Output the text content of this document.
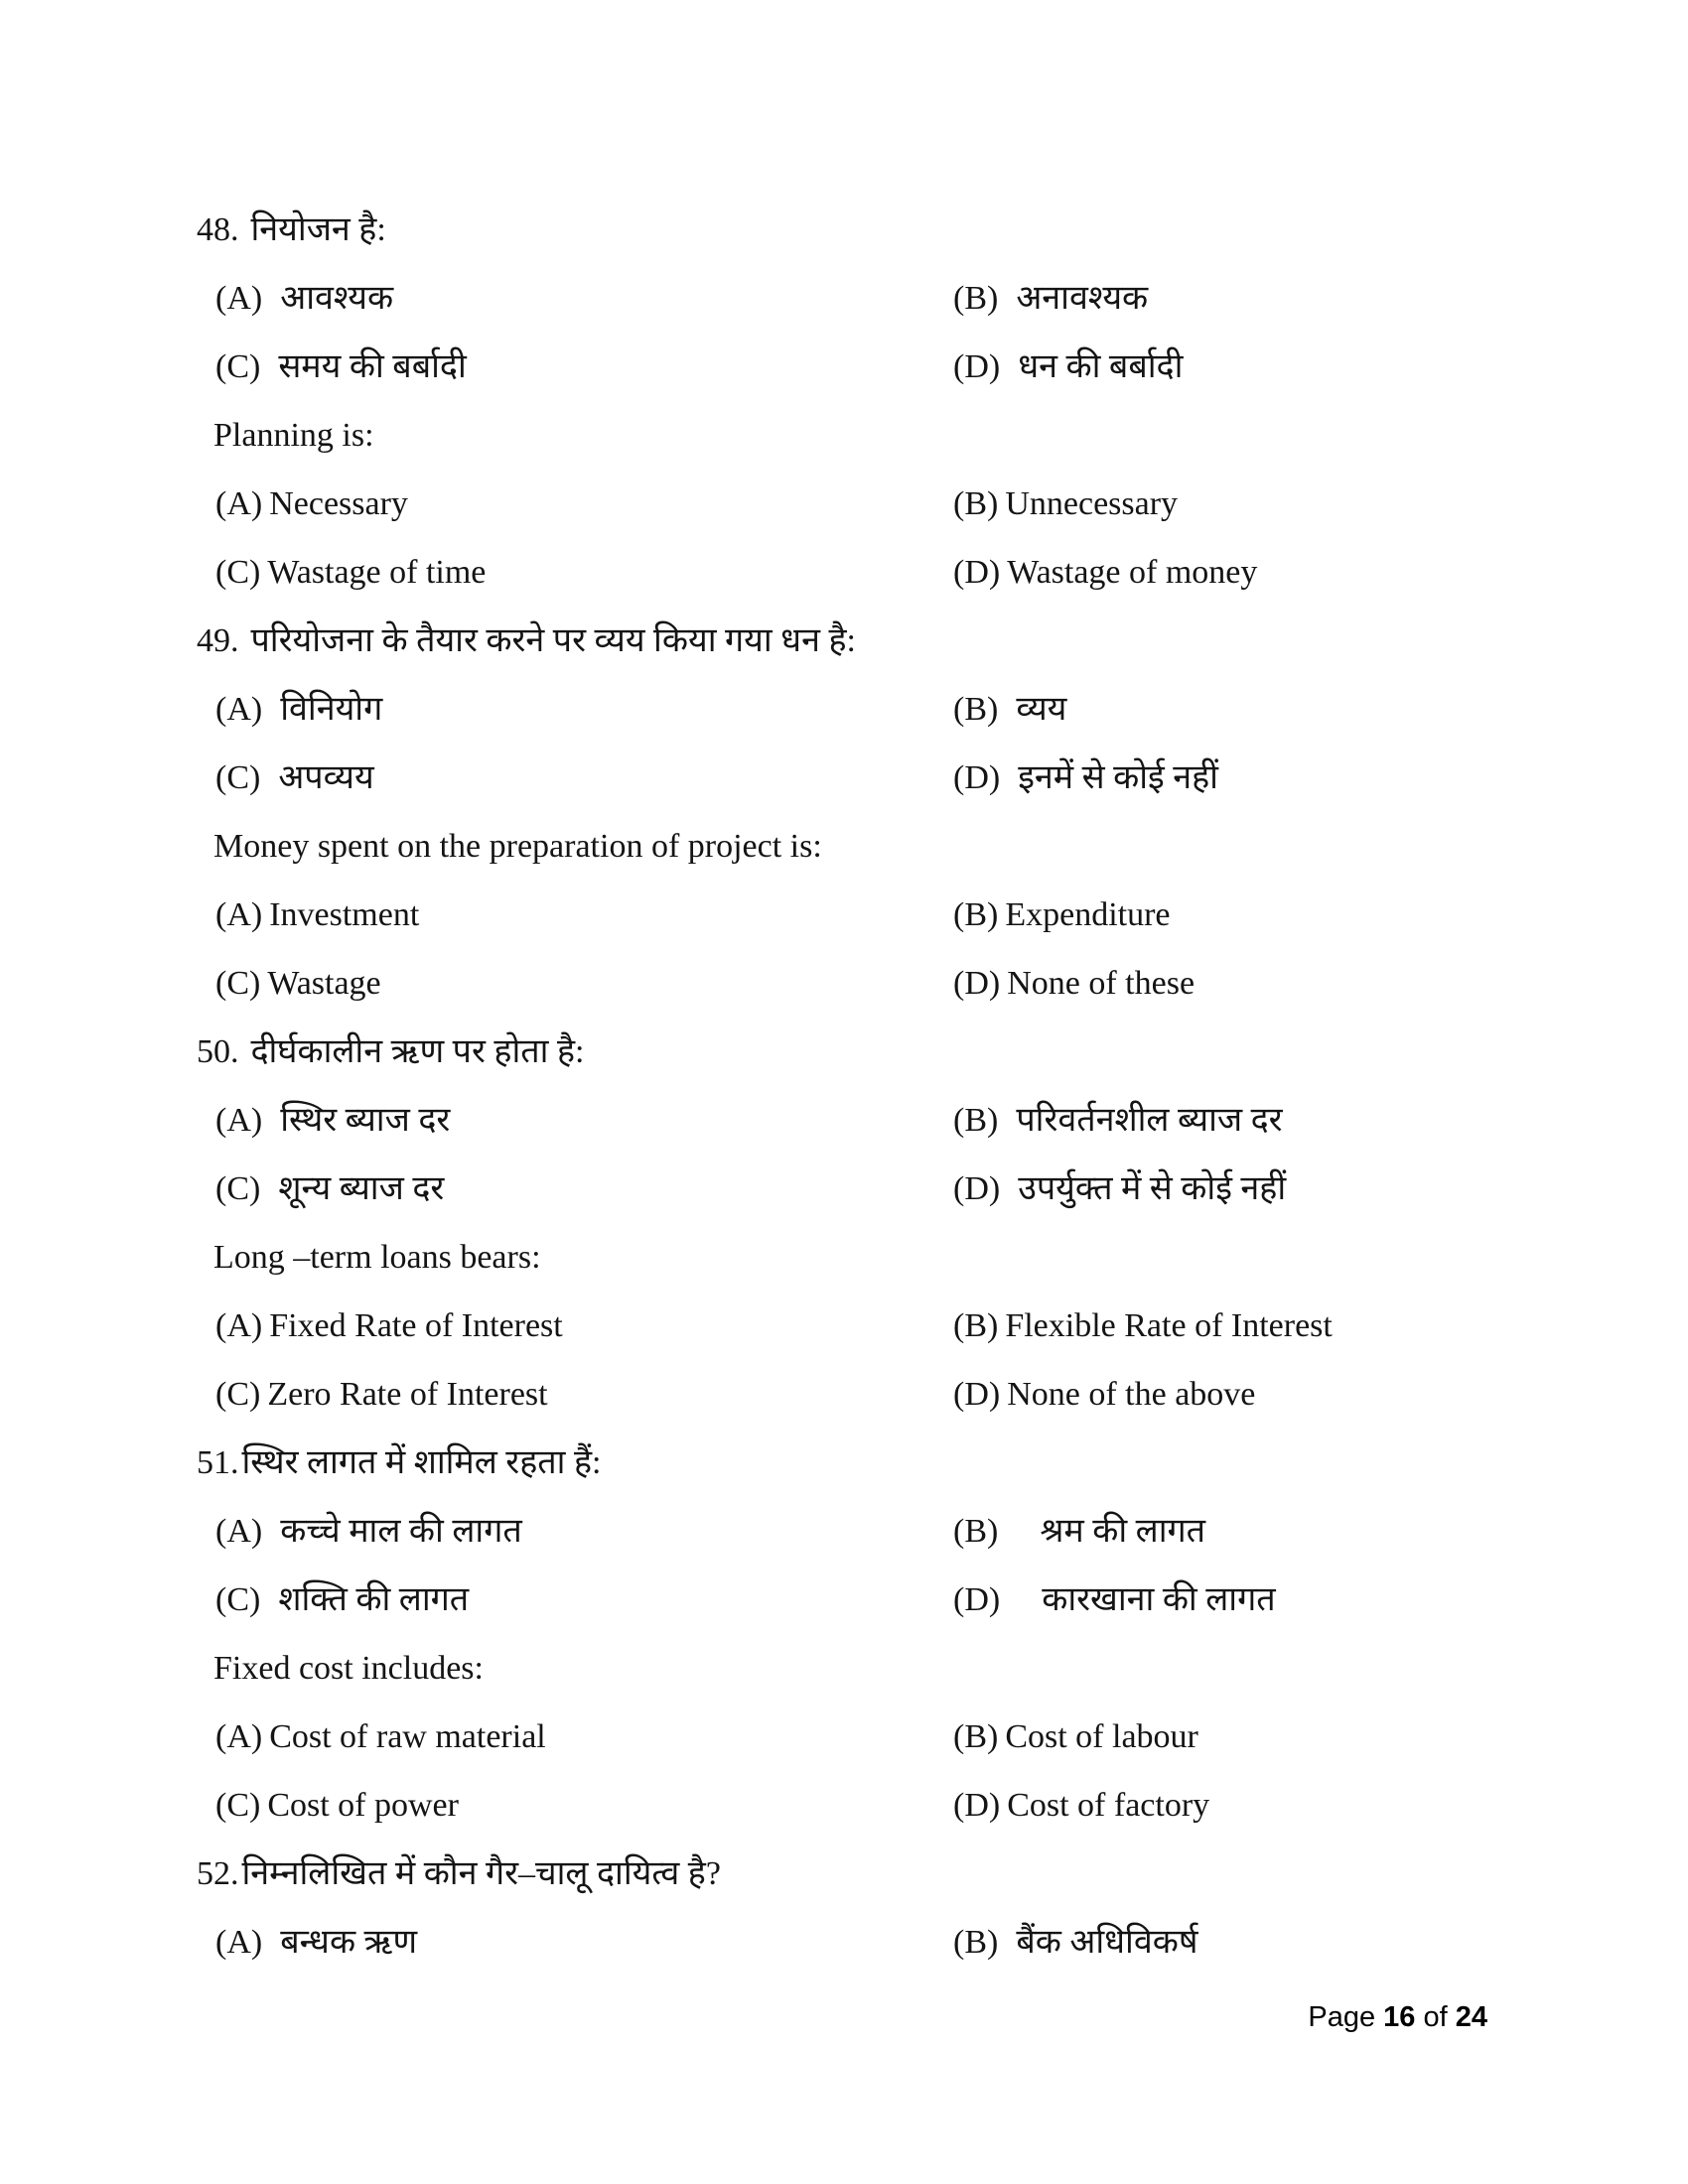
48. नियोजन है:
(A) आवश्यक	(B) अनावश्यक
(C) समय की बर्बादी	(D) धन की बर्बादी
Planning is:
(A) Necessary	(B) Unnecessary
(C) Wastage of time	(D) Wastage of money
49. परियोजना के तैयार करने पर व्यय किया गया धन है:
(A) विनियोग	(B) व्यय
(C) अपव्यय	(D) इनमें से कोई नहीं
Money spent on the preparation of project is:
(A) Investment	(B) Expenditure
(C) Wastage	(D) None of these
50. दीर्घकालीन ऋण पर होता है:
(A) स्थिर ब्याज दर	(B) परिवर्तनशील ब्याज दर
(C) शून्य ब्याज दर	(D) उपर्युक्त में से कोई नहीं
Long –term loans bears:
(A) Fixed Rate of Interest	(B) Flexible Rate of Interest
(C) Zero Rate of Interest	(D) None of the above
51. स्थिर लागत में शामिल रहता हैं:
(A) कच्चे माल की लागत	(B) श्रम की लागत
(C) शक्ति की लागत	(D) कारखाना की लागत
Fixed cost includes:
(A) Cost of raw material	(B) Cost of labour
(C) Cost of power	(D) Cost of factory
52. निम्नलिखित में कौन गैर–चालू दायित्व है?
(A) बन्धक ऋण	(B) बैंक अधिविकर्ष
Page 16 of 24
